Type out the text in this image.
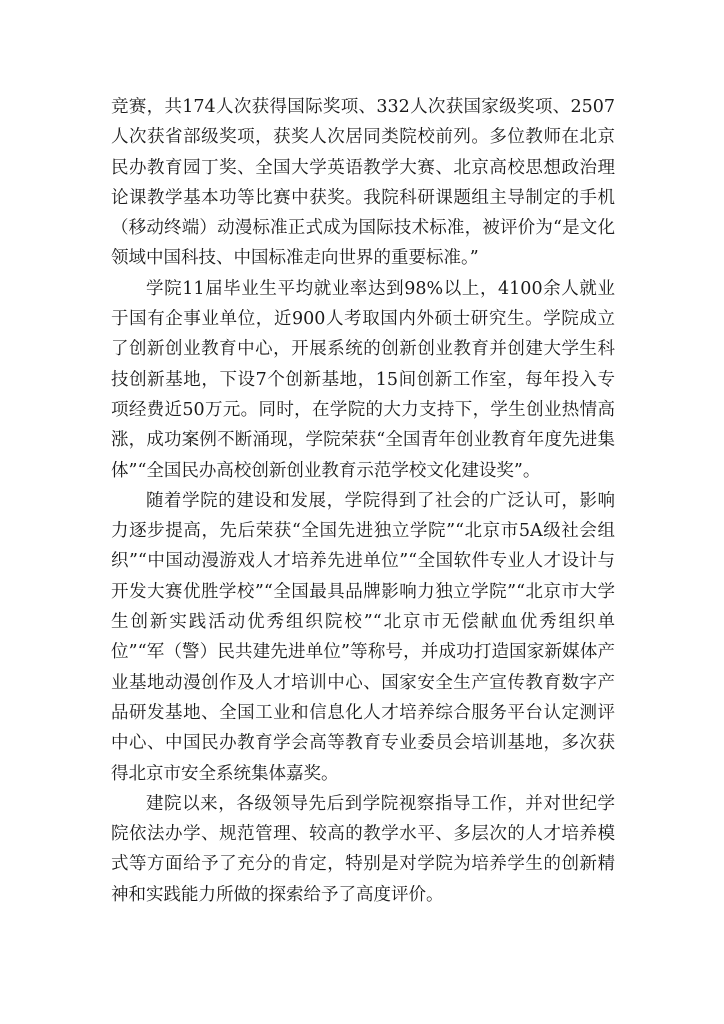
竞赛，共174人次获得国际奖项、332人次获国家级奖项、2507人次获省部级奖项，获奖人次居同类院校前列。多位教师在北京民办教育园丁奖、全国大学英语教学大赛、北京高校思想政治理论课教学基本功等比赛中获奖。我院科研课题组主导制定的手机（移动终端）动漫标准正式成为国际技术标准，被评价为“是文化领域中国科技、中国标准走向世界的重要标准。”

学院11届毕业生平均就业率达到98%以上，4100余人就业于国有企事业单位，近900人考取国内外硕士研究生。学院成立了创新创业教育中心，开展系统的创新创业教育并创建大学生科技创新基地，下设7个创新基地，15间创新工作室，每年投入专项经费近50万元。同时，在学院的大力支持下，学生创业热情高涨，成功案例不断涌现，学院荣获“全国青年创业教育年度先进集体”“全国民办高校创新创业教育示范学校文化建设奖”。

随着学院的建设和发展，学院得到了社会的广泛认可，影响力逐步提高，先后荣获“全国先进独立学院”“北京市5A级社会组织”“中国动漫游戏人才培养先进单位”“全国软件专业人才设计与开发大赛优胜学校”“全国最具品牌影响力独立学院”“北京市大学生创新实践活动优秀组织院校”“北京市无偿献血优秀组织单位”“军（警）民共建先进单位”等称号，并成功打造国家新媒体产业基地动漫创作及人才培训中心、国家安全生产宣传教育数字产品研发基地、全国工业和信息化人才培养综合服务平台认定测评中心、中国民办教育学会高等教育专业委员会培训基地，多次获得北京市安全系统集体嘉奖。

建院以来，各级领导先后到学院视察指导工作，并对世纪学院依法办学、规范管理、较高的教学水平、多层次的人才培养模式等方面给予了充分的肯定，特别是对学院为培养学生的创新精神和实践能力所做的探索给予了高度评价。
